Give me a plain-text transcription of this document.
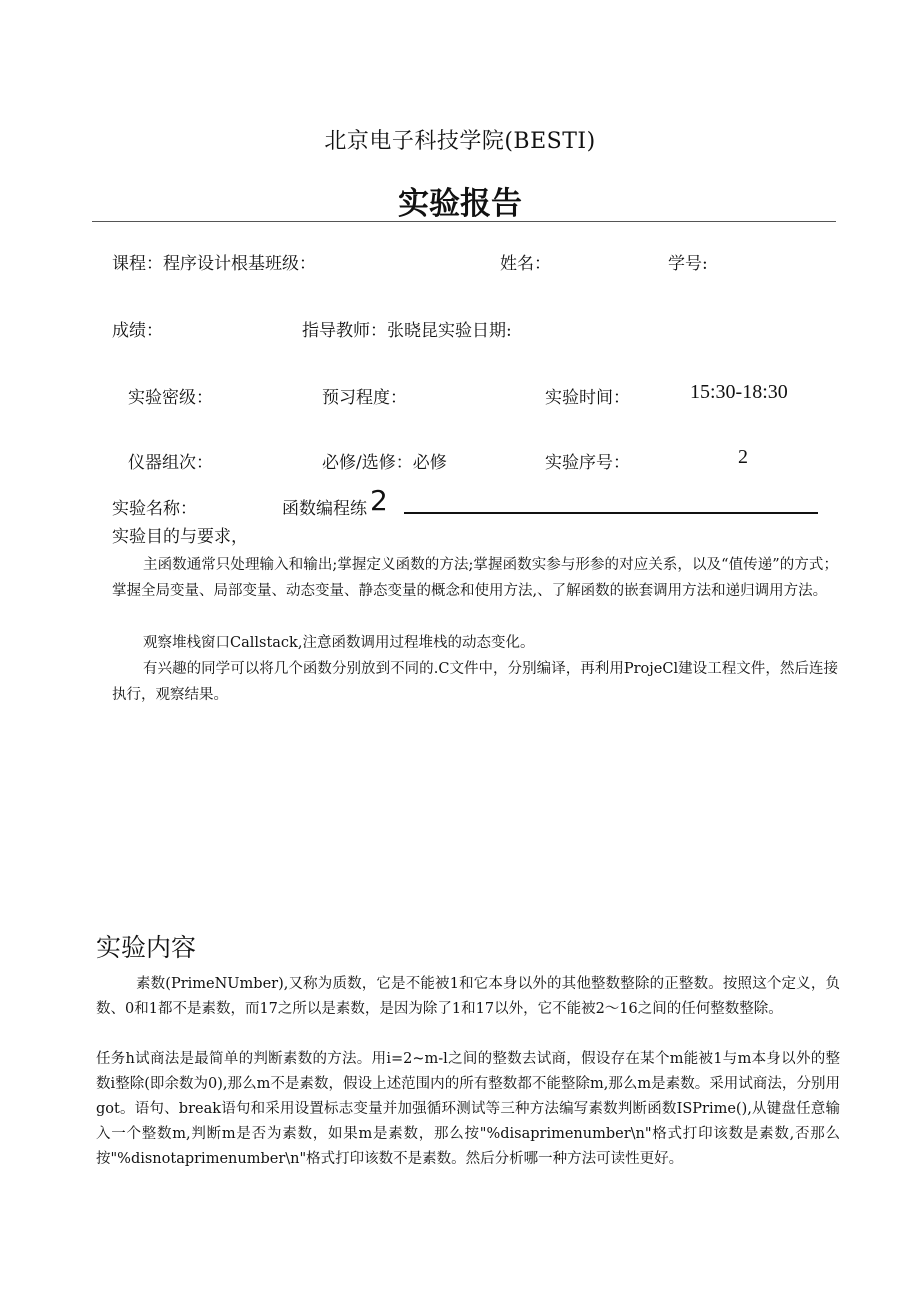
北京电子科技学院(BESTI)
实验报告
课程：程序设计根基班级：	姓名：	学号:
成绩：	指导教师：张晓昆实验日期:
实验密级：	预习程度：	实验时间：	15:30-18:30
仪器组次：	必修/选修：必修	实验序号：	2
实验名称：	函数编程练 2
实验目的与要求，
主函数通常只处理输入和输出;掌握定义函数的方法;掌握函数实参与形参的对应关系，以及“值传递”的方式；掌握全局变量、局部变量、动态变量、静态变量的概念和使用方法,、了解函数的嵌套调用方法和递归调用方法。
观察堆栈窗口Callstack,注意函数调用过程堆栈的动态变化。
有兴趣的同学可以将几个函数分别放到不同的.C文件中，分别编译，再利用ProjeCl建设工程文件，然后连接执行，观察结果。
实验内容
素数(PrimeNUmber),又称为质数，它是不能被1和它本身以外的其他整数整除的正整数。按照这个定义，负数、0和1都不是素数，而17之所以是素数，是因为除了1和17以外，它不能被2～16之间的任何整数整除。
任务h试商法是最简单的判断素数的方法。用i=2~m-l之间的整数去试商，假设存在某个m能被1与m本身以外的整数i整除(即余数为0),那么m不是素数，假设上述范围内的所有整数都不能整除m,那么m是素数。采用试商法，分别用got。语句、break语句和采用设置标志变量并加强循环测试等三种方法编写素数判断函数ISPrime(),从键盘任意输入一个整数m,判断m是否为素数，如果m是素数，那么按"%disaprimenumber\n"格式打印该数是素数,否那么按"%disnotaprimenumber\n"格式打印该数不是素数。然后分析哪一种方法可读性更好。
